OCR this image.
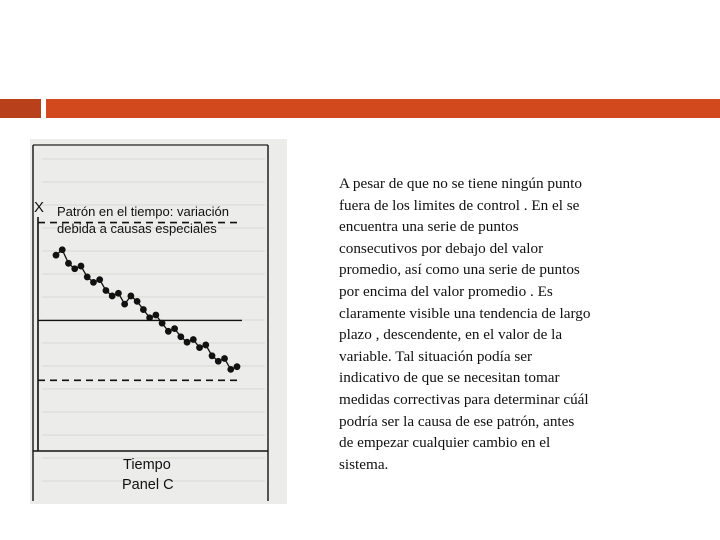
X Patrón en el tiempo: variación
debida a causas especiales
Tiempo
Panel C

A pesar de que no se tiene ningún punto
fuera de los limites de control . En el se
encuentra una serie de puntos
consecutivos por debajo del valor
promedio, así como una serie de puntos
por encima del valor promedio . Es
claramente visible una tendencia de largo
plazo , descendente, en el valor de la
variable. Tal situación podía ser
indicativo de que se necesitan tomar
medidas correctivas para determinar cúál
podría ser la causa de ese patrón, antes
de empezar cualquier cambio en el
sistema.
